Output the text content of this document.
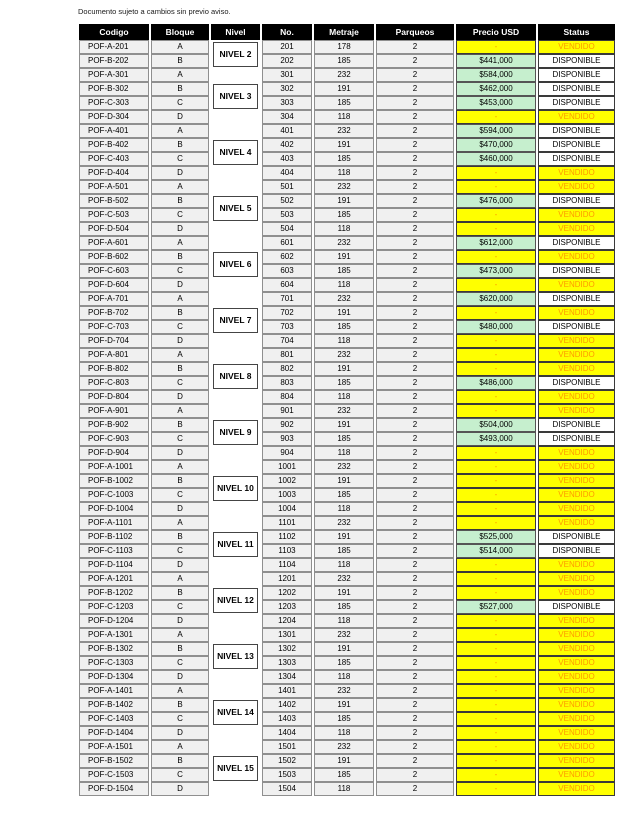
Documento sujeto a cambios sin previo aviso.
Codigo	Bloque	Nivel	No.	Metraje	Parqueos	Precio USD	Status
POF-A-201	A	NIVEL 2	201	178	2	-	VENDIDO
POF-B-202	B		202	185	2	$441,000	DISPONIBLE
POF-A-301	A	NIVEL 3	301	232	2	$584,000	DISPONIBLE
POF-B-302	B		302	191	2	$462,000	DISPONIBLE
POF-C-303	C		303	185	2	$453,000	DISPONIBLE
POF-D-304	D		304	118	2	-	VENDIDO
POF-A-401	A	NIVEL 4	401	232	2	$594,000	DISPONIBLE
POF-B-402	B		402	191	2	$470,000	DISPONIBLE
POF-C-403	C		403	185	2	$460,000	DISPONIBLE
POF-D-404	D		404	118	2	-	VENDIDO
POF-A-501	A	NIVEL 5	501	232	2	-	VENDIDO
POF-B-502	B		502	191	2	$476,000	DISPONIBLE
POF-C-503	C		503	185	2	-	VENDIDO
POF-D-504	D		504	118	2	-	VENDIDO
POF-A-601	A	NIVEL 6	601	232	2	$612,000	DISPONIBLE
POF-B-602	B		602	191	2	-	VENDIDO
POF-C-603	C		603	185	2	$473,000	DISPONIBLE
POF-D-604	D		604	118	2	-	VENDIDO
POF-A-701	A	NIVEL 7	701	232	2	$620,000	DISPONIBLE
POF-B-702	B		702	191	2	-	VENDIDO
POF-C-703	C		703	185	2	$480,000	DISPONIBLE
POF-D-704	D		704	118	2	-	VENDIDO
POF-A-801	A	NIVEL 8	801	232	2	-	VENDIDO
POF-B-802	B		802	191	2	-	VENDIDO
POF-C-803	C		803	185	2	$486,000	DISPONIBLE
POF-D-804	D		804	118	2	-	VENDIDO
POF-A-901	A	NIVEL 9	901	232	2	-	VENDIDO
POF-B-902	B		902	191	2	$504,000	DISPONIBLE
POF-C-903	C		903	185	2	$493,000	DISPONIBLE
POF-D-904	D		904	118	2	-	VENDIDO
POF-A-1001	A	NIVEL 10	1001	232	2	-	VENDIDO
POF-B-1002	B		1002	191	2	-	VENDIDO
POF-C-1003	C		1003	185	2	-	VENDIDO
POF-D-1004	D		1004	118	2	-	VENDIDO
POF-A-1101	A	NIVEL 11	1101	232	2	-	VENDIDO
POF-B-1102	B		1102	191	2	$525,000	DISPONIBLE
POF-C-1103	C		1103	185	2	$514,000	DISPONIBLE
POF-D-1104	D		1104	118	2	-	VENDIDO
POF-A-1201	A	NIVEL 12	1201	232	2	-	VENDIDO
POF-B-1202	B		1202	191	2	-	VENDIDO
POF-C-1203	C		1203	185	2	$527,000	DISPONIBLE
POF-D-1204	D		1204	118	2	-	VENDIDO
POF-A-1301	A	NIVEL 13	1301	232	2	-	VENDIDO
POF-B-1302	B		1302	191	2	-	VENDIDO
POF-C-1303	C		1303	185	2	-	VENDIDO
POF-D-1304	D		1304	118	2	-	VENDIDO
POF-A-1401	A	NIVEL 14	1401	232	2	-	VENDIDO
POF-B-1402	B		1402	191	2	-	VENDIDO
POF-C-1403	C		1403	185	2	-	VENDIDO
POF-D-1404	D		1404	118	2	-	VENDIDO
POF-A-1501	A	NIVEL 15	1501	232	2	-	VENDIDO
POF-B-1502	B		1502	191	2	-	VENDIDO
POF-C-1503	C		1503	185	2	-	VENDIDO
POF-D-1504	D		1504	118	2	-	VENDIDO
